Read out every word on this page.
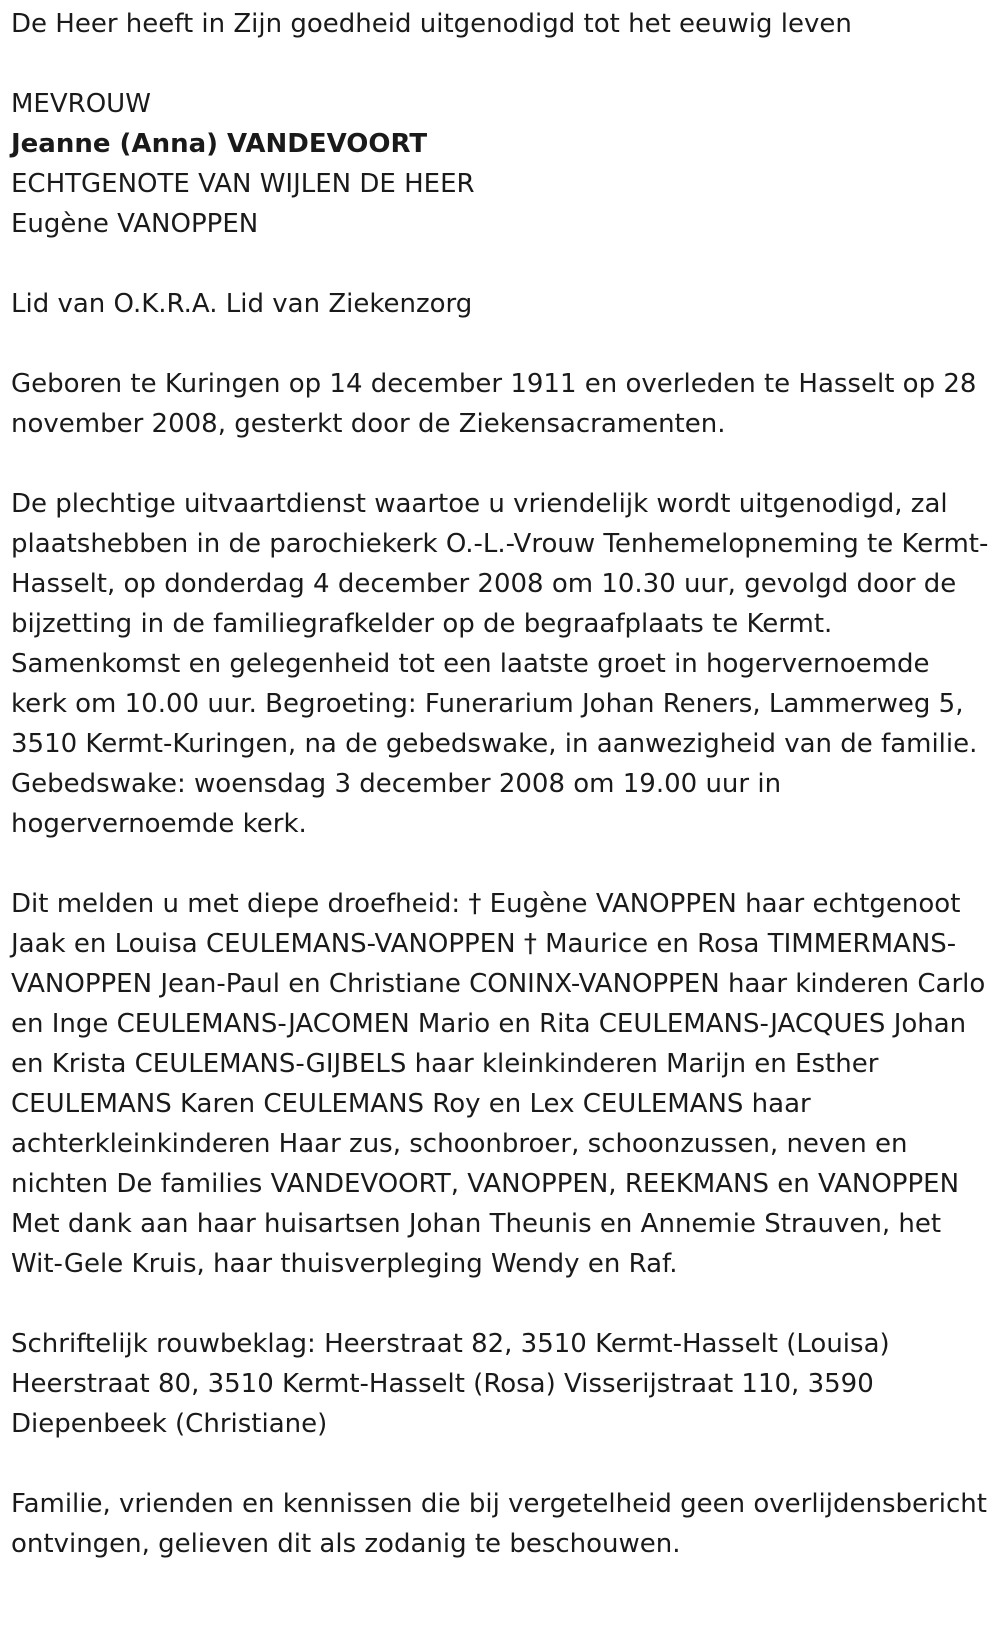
De Heer heeft in Zijn goedheid uitgenodigd tot het eeuwig leven

MEVROUW

Jeanne (Anna) VANDEVOORT

ECHTGENOTE VAN WIJLEN DE HEER

Eugène VANOPPEN

Lid van O.K.R.A. Lid van Ziekenzorg

Geboren te Kuringen op 14 december 1911 en overleden te Hasselt op 28 november 2008, gesterkt door de Ziekensacramenten.

De plechtige uitvaartdienst waartoe u vriendelijk wordt uitgenodigd, zal plaatshebben in de parochiekerk O.-L.-Vrouw Tenhemelopneming te Kermt-Hasselt, op donderdag 4 december 2008 om 10.30 uur, gevolgd door de bijzetting in de familiegrafkelder op de begraafplaats te Kermt. Samenkomst en gelegenheid tot een laatste groet in hogervernoemde kerk om 10.00 uur. Begroeting: Funerarium Johan Reners, Lammerweg 5, 3510 Kermt-Kuringen, na de gebedswake, in aanwezigheid van de familie. Gebedswake: woensdag 3 december 2008 om 19.00 uur in hogervernoemde kerk.

Dit melden u met diepe droefheid: † Eugène VANOPPEN haar echtgenoot Jaak en Louisa CEULEMANS-VANOPPEN † Maurice en Rosa TIMMERMANS-VANOPPEN Jean-Paul en Christiane CONINX-VANOPPEN haar kinderen Carlo en Inge CEULEMANS-JACOMEN Mario en Rita CEULEMANS-JACQUES Johan en Krista CEULEMANS-GIJBELS haar kleinkinderen Marijn en Esther CEULEMANS Karen CEULEMANS Roy en Lex CEULEMANS haar achterkleinkinderen Haar zus, schoonbroer, schoonzussen, neven en nichten De families VANDEVOORT, VANOPPEN, REEKMANS en VANOPPEN Met dank aan haar huisartsen Johan Theunis en Annemie Strauven, het Wit-Gele Kruis, haar thuisverpleging Wendy en Raf.

Schriftelijk rouwbeklag: Heerstraat 82, 3510 Kermt-Hasselt (Louisa) Heerstraat 80, 3510 Kermt-Hasselt (Rosa) Visserijstraat 110, 3590 Diepenbeek (Christiane)

Familie, vrienden en kennissen die bij vergetelheid geen overlijdensbericht ontvingen, gelieven dit als zodanig te beschouwen.
